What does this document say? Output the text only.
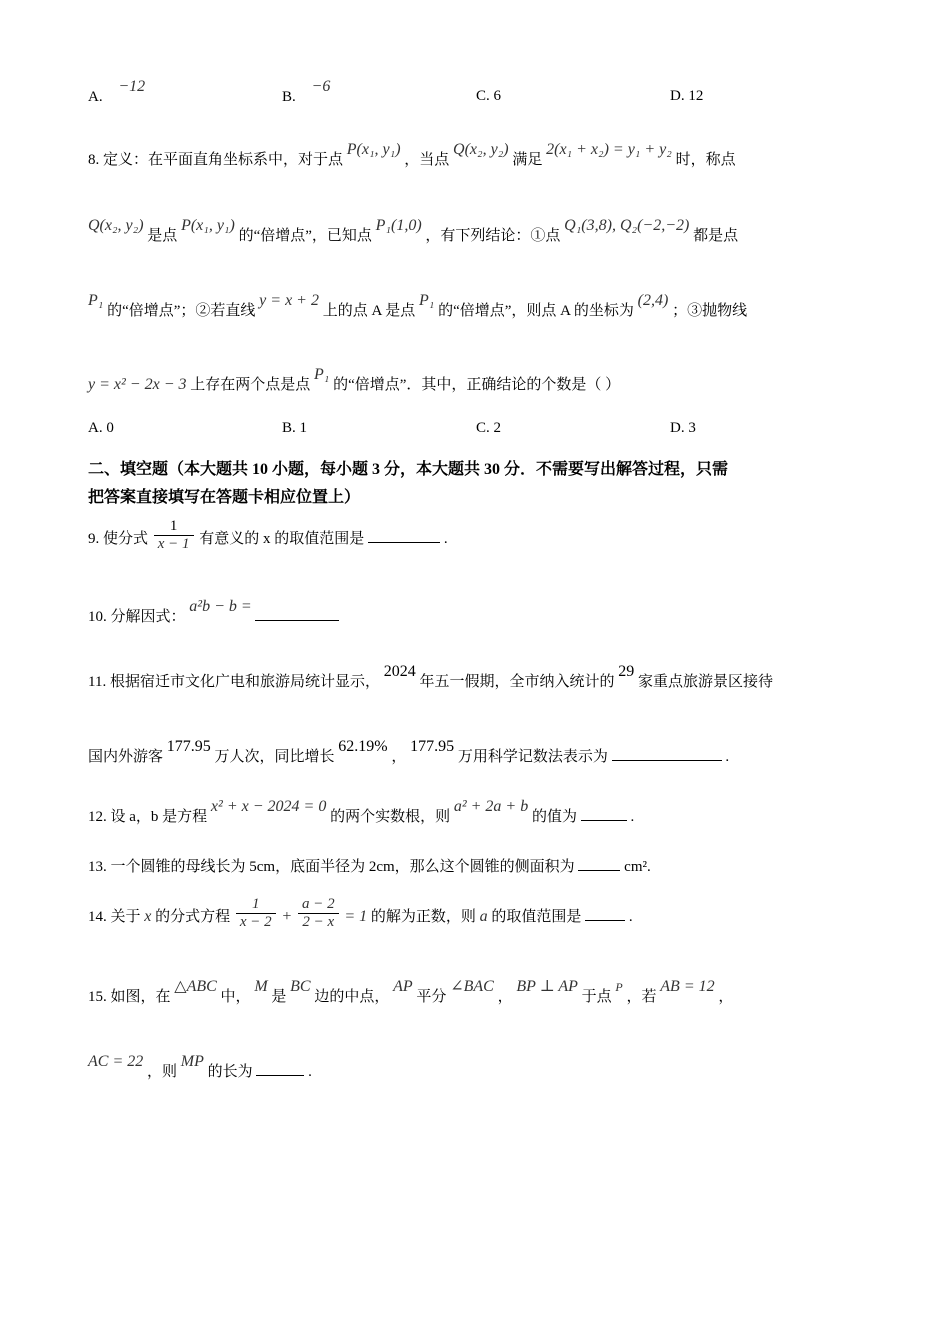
A. −12
B. −6
C. 6	D. 12
8. 定义：在平面直角坐标系中，对于点 P(x₁, y₁) ，当点 Q(x₂, y₂) 满足 2(x₁ + x₂) = y₁ + y₂ 时，称点
Q(x₂, y₂) 是点 P(x₁, y₁) 的“倍增点”，已知点 P₁(1,0) ，有下列结论：①点 Q₁(3,8), Q₂(−2,−2) 都是点
P₁ 的“倍增点”；②若直线 y = x + 2 上的点 A 是点 P₁ 的“倍增点”，则点 A 的坐标为 (2,4) ；③抛物线
y = x² − 2x − 3 上存在两个点是点 P₁ 的“倍增点”．其中，正确结论的个数是（ ）
A. 0	B. 1	C. 2	D. 3
二、填空题（本大题共 10 小题，每小题 3 分，本大题共 30 分．不需要写出解答过程，只需
把答案直接填写在答题卡相应位置上）
9. 使分式 $\frac{1}{x - 1}$ 有意义的 x 的取值范围是	.
10. 分解因式： a²b − b =
11. 根据宿迁市文化广电和旅游局统计显示， 2024 年五一假期，全市纳入统计的 29 家重点旅游景区接待
国内外游客 177.95 万人次，同比增长 62.19% ， 177.95 万用科学记数法表示为	.
12. 设 a，b 是方程 x² + x − 2024 = 0 的两个实数根，则 a² + 2a + b 的值为	.
13. 一个圆锥的母线长为 5cm，底面半径为 2cm，那么这个圆锥的侧面积为	cm².
14. 关于 x 的分式方程 $\frac{1}{x - 2} + \frac{a - 2}{2 - x} = 1$ 的解为正数，则 a 的取值范围是	.
15. 如图，在 △ABC 中， M 是 BC 边的中点， AP 平分 ∠BAC ， BP ⊥ AP 于点 $^P$ ，若 AB = 12 ，
AC = 22 ，则 MP 的长为	.
